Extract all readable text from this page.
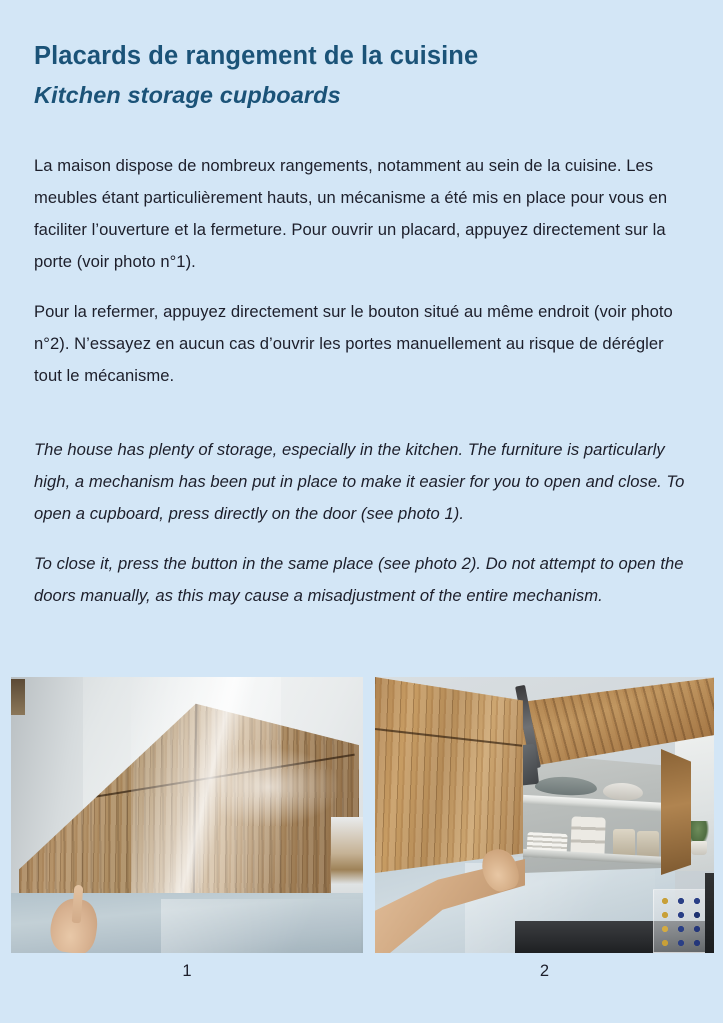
Placards de rangement de la cuisine
Kitchen storage cupboards

La maison dispose de nombreux rangements, notamment au sein de la cuisine. Les meubles étant particulièrement hauts, un mécanisme a été mis en place pour vous en faciliter l’ouverture et la fermeture. Pour ouvrir un placard, appuyez directement sur la porte (voir photo n°1).

Pour la refermer, appuyez directement sur le bouton situé au même endroit (voir photo n°2). N’essayez en aucun cas d’ouvrir les portes manuellement au risque de dérégler tout le mécanisme.

The house has plenty of storage, especially in the kitchen. The furniture is particularly high, a mechanism has been put in place to make it easier for you to open and close. To open a cupboard, press directly on the door (see photo 1).

To close it, press the button in the same place (see photo 2). Do not attempt to open the doors manually, as this may cause a misadjustment of the entire mechanism.

1	2
